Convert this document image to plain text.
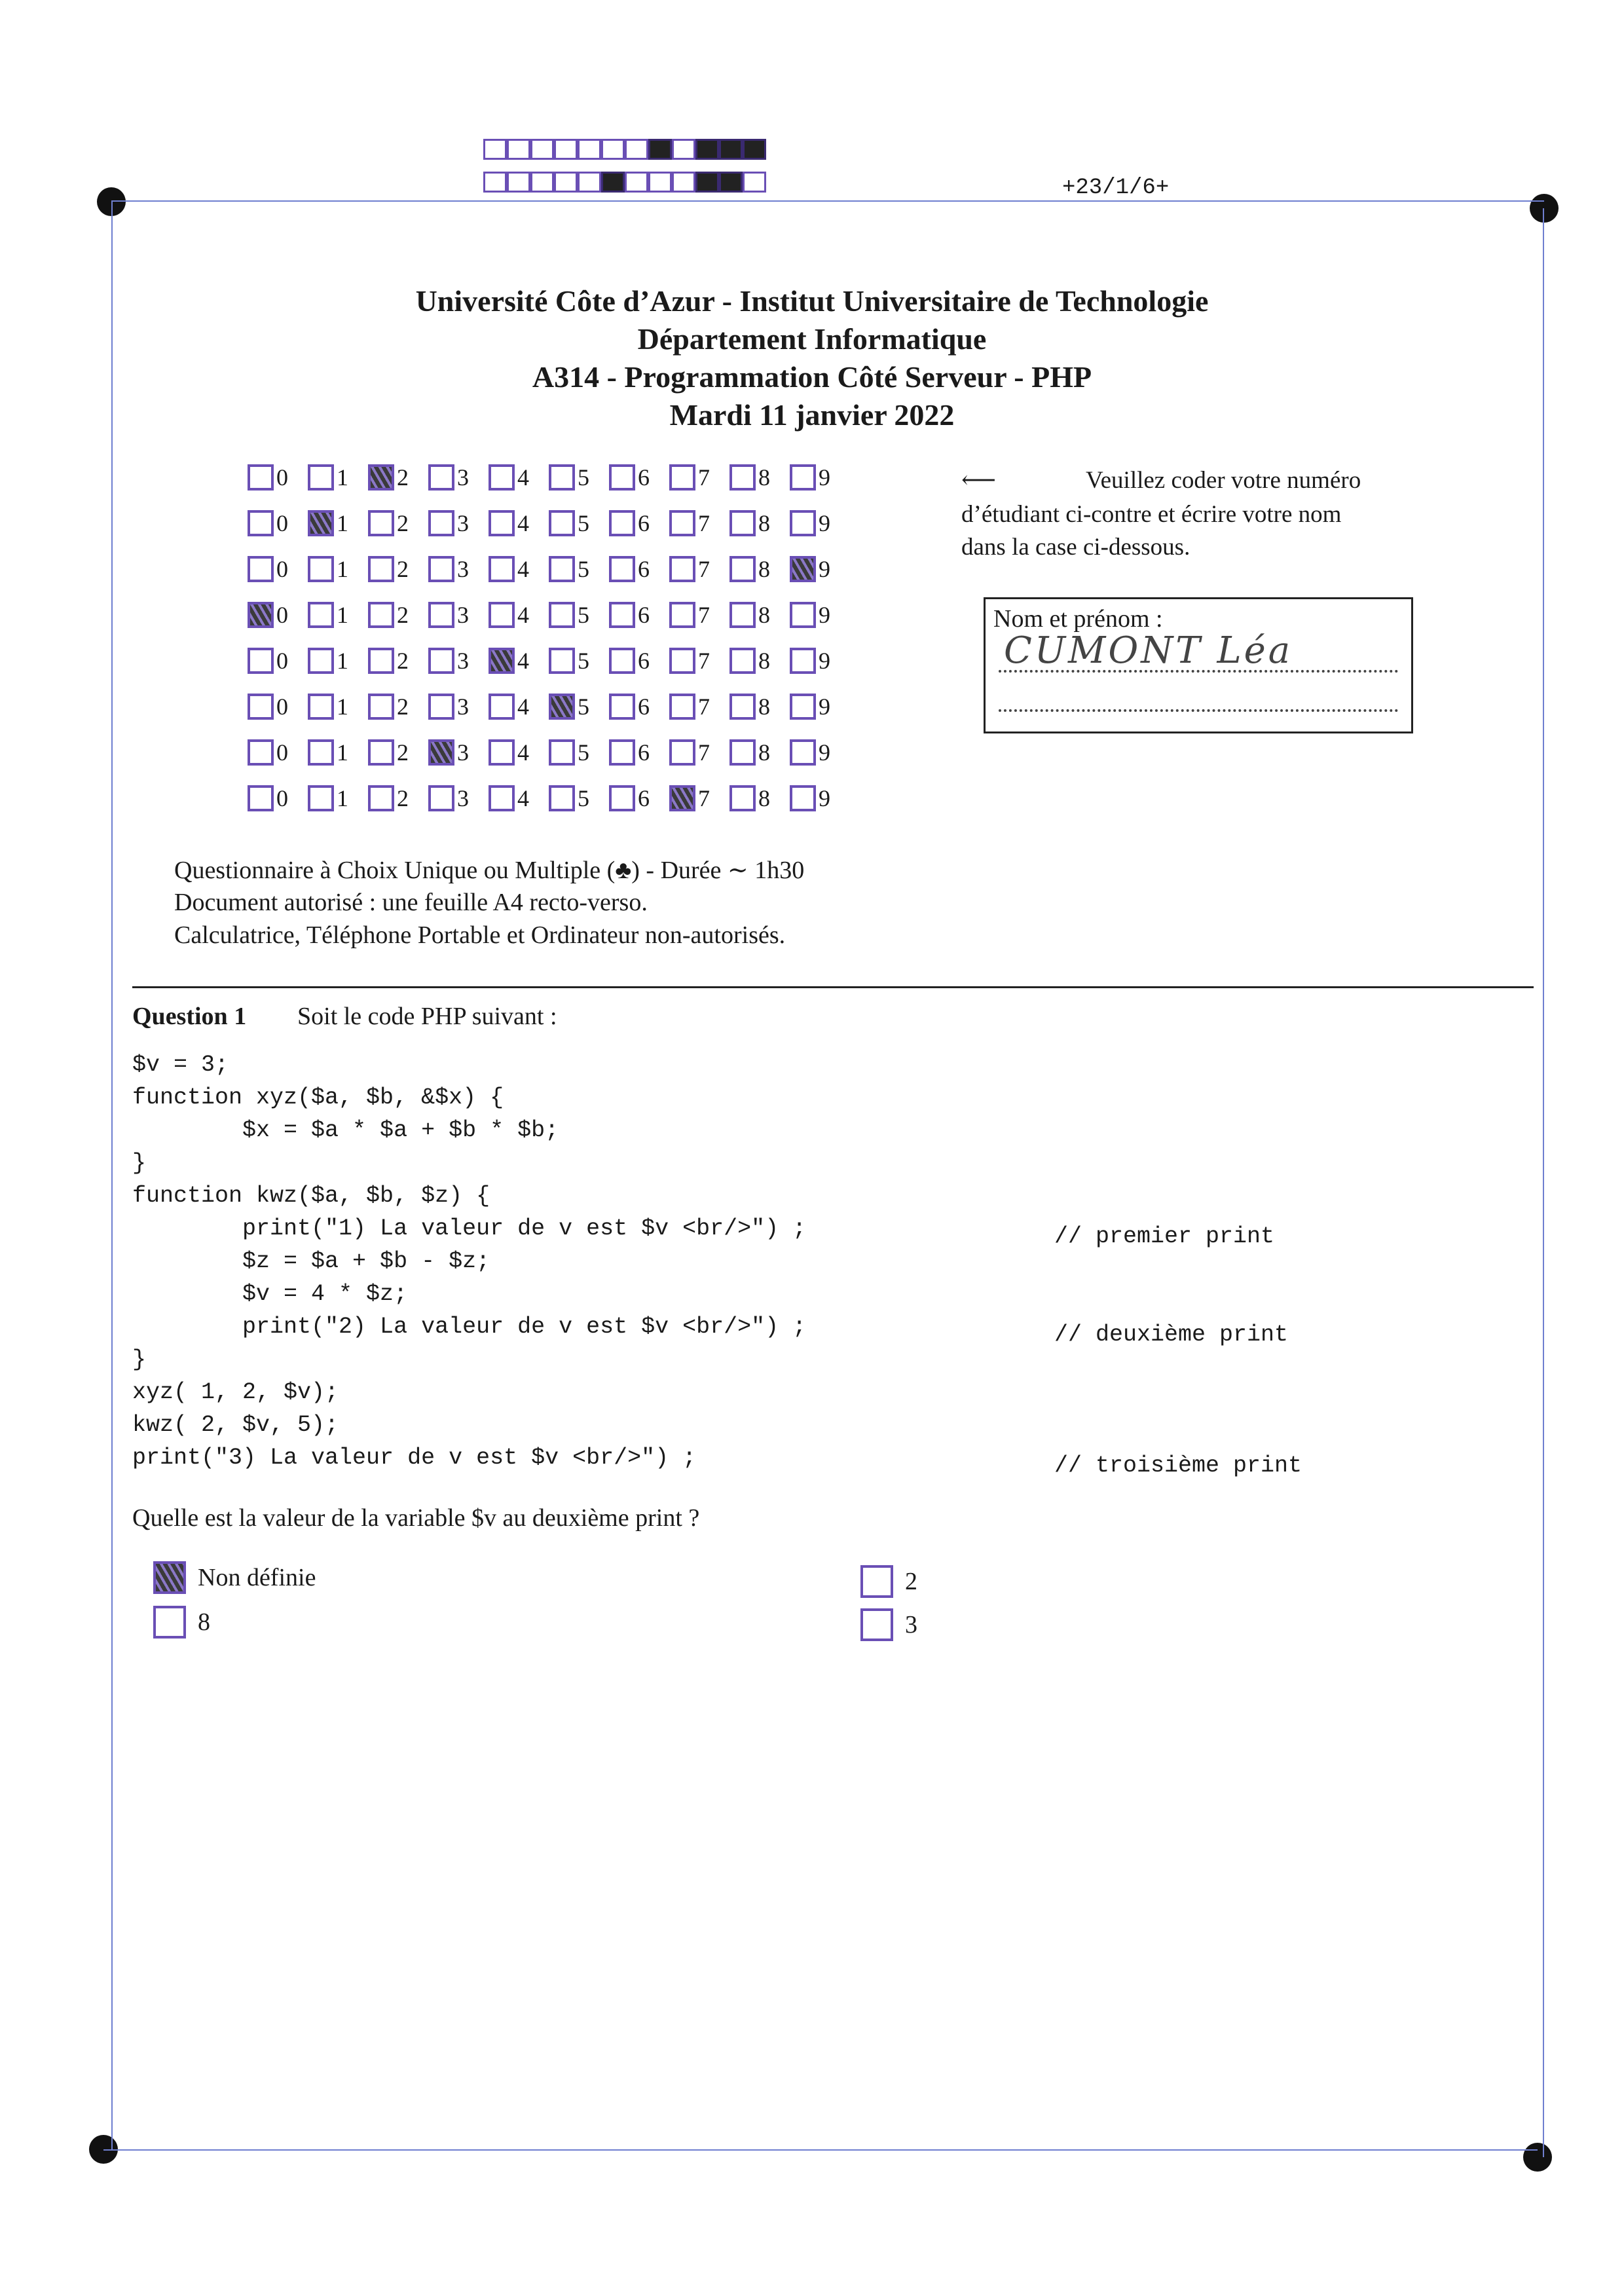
+23/1/6+
Université Côte d’Azur - Institut Universitaire de Technologie
Département Informatique
A314 - Programmation Côté Serveur - PHP
Mardi 11 janvier 2022
0 1 2 3 4 5 6 7 8 9
0 1 2 3 4 5 6 7 8 9
0 1 2 3 4 5 6 7 8 9
0 1 2 3 4 5 6 7 8 9
0 1 2 3 4 5 6 7 8 9
0 1 2 3 4 5 6 7 8 9
0 1 2 3 4 5 6 7 8 9
0 1 2 3 4 5 6 7 8 9
⟵	Veuillez coder votre numéro
d’étudiant ci-contre et écrire votre nom
dans la case ci-dessous.
Nom et prénom :
CUMONT Léa
Questionnaire à Choix Unique ou Multiple (♣) - Durée ∼ 1h30
Document autorisé : une feuille A4 recto-verso.
Calculatrice, Téléphone Portable et Ordinateur non-autorisés.
Question 1 Soit le code PHP suivant :
$v = 3;
function xyz($a, $b, &$x) {
$x = $a * $a + $b * $b;
}
function kwz($a, $b, $z) {
print("1) La valeur de v est $v <br/>") ;
$z = $a + $b - $z;
$v = 4 * $z;
print("2) La valeur de v est $v <br/>") ;
}
xyz( 1, 2, $v);
kwz( 2, $v, 5);
print("3) La valeur de v est $v <br/>") ;
// premier print
// deuxième print
// troisième print
Quelle est la valeur de la variable $v au deuxième print ?
Non définie
8
2
3
